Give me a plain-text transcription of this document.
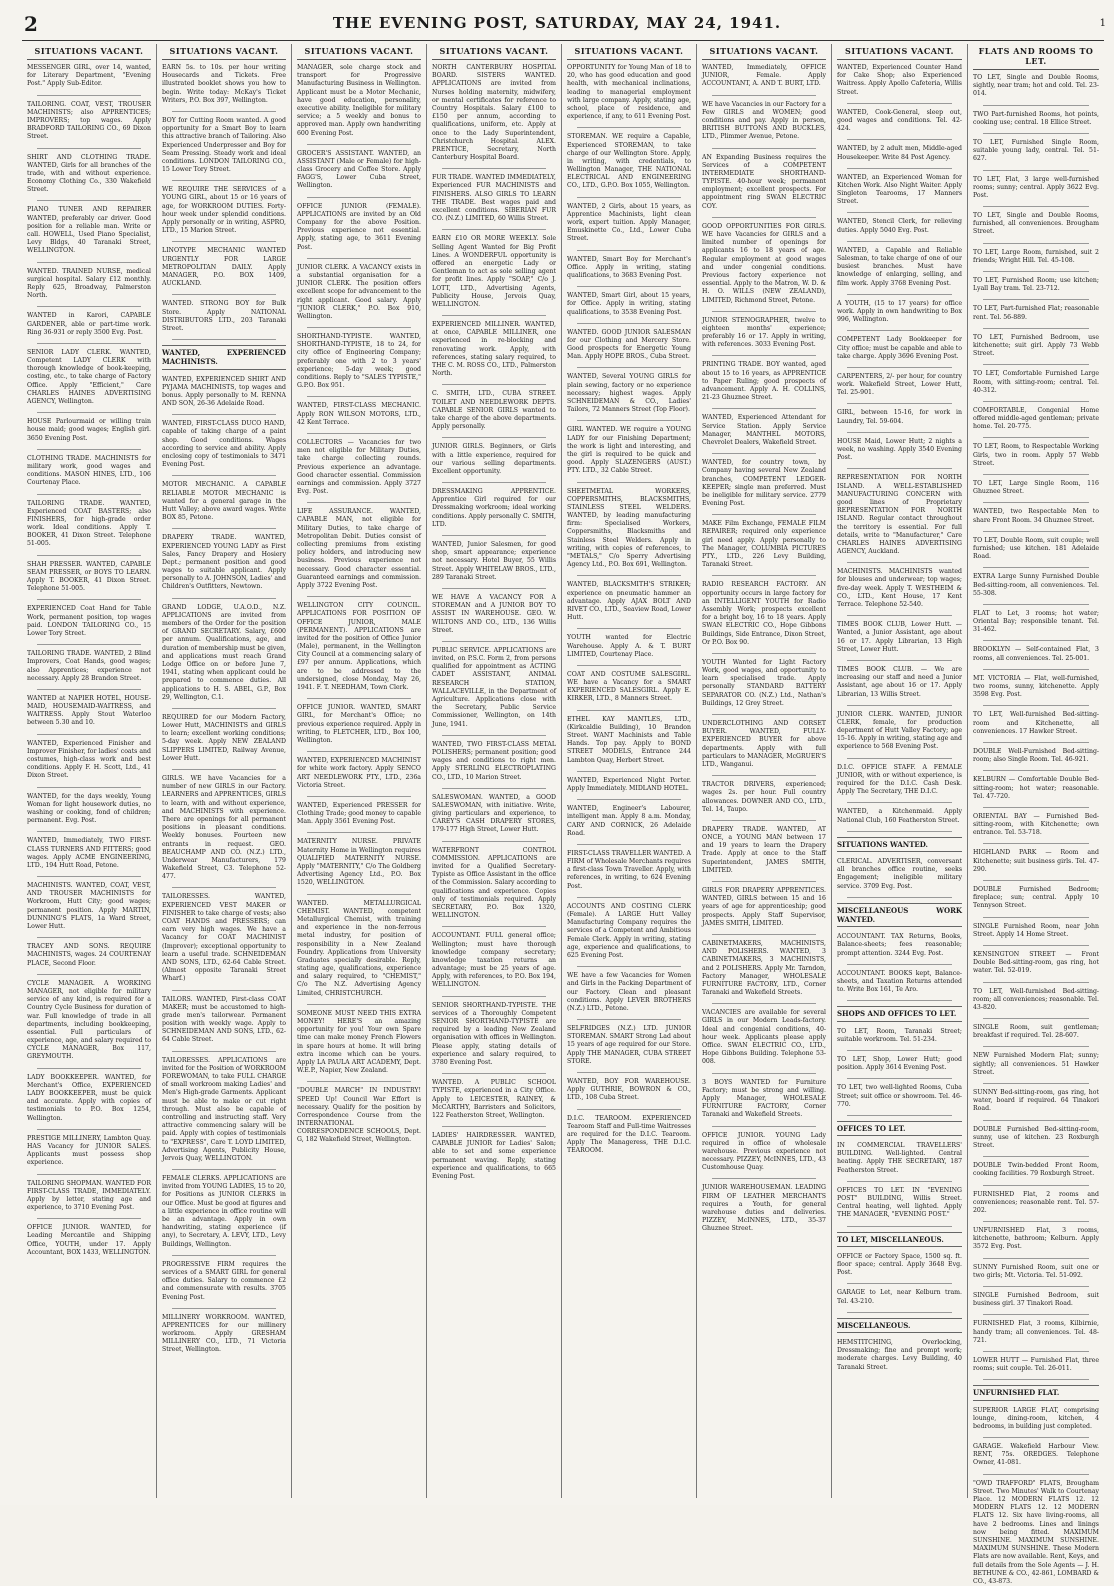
2	THE EVENING POST, SATURDAY, MAY 24, 1941.	1
SITUATIONS VACANT.
MESSENGER GIRL, over 14, wanted, for Literary Department, "Evening Post." Apply Sub-Editor.
TAILORING. COAT, VEST, TROUSER MACHINISTS; also APPRENTICES; IMPROVERS; top wages. Apply BRADFORD TAILORING CO., 69 Dixon Street.
SHIRT AND CLOTHING TRADE. WANTED, Girls for all branches of the trade, with and without experience. Economy Clothing Co., 330 Wakefield Street.
PIANO TUNER AND REPAIRER WANTED, preferably car driver. Good position for a reliable man. Write or call. HOWELL, Used Piano Specialist, Levy Bldgs, 40 Taranaki Street, WELLINGTON.
WANTED. TRAINED NURSE, medical surgical hospital. Salary £12 monthly. Reply 625, Broadway, Palmerston North.
WANTED in Karori, CAPABLE GARDENER, able or part-time work. Ring 36-931 or reply 3500 Evg. Post.
SENIOR LADY CLERK. WANTED, Competent LADY CLERK with thorough knowledge of book-keeping, costing, etc., to take charge of Factory Office. Apply "Efficient," Care CHARLES HAINES ADVERTISING AGENCY, Wellington.
HOUSE Parlourmaid or willing train house maid; good wages; English girl. 3650 Evening Post.
CLOTHING TRADE. MACHINISTS for military work, good wages and conditions. MASON HINES, LTD., 106 Courtenay Place.
TAILORING TRADE. WANTED, Experienced COAT BASTERS; also FINISHERS, for high-grade order work. Ideal conditions. Apply T. BOOKER, 41 Dixon Street. Telephone 51-005.
SHAH PRESSER. WANTED, CAPABLE SEAM PRESSER, or BOYS TO LEARN. Apply T. BOOKER, 41 Dixon Street. Telephone 51-005.
EXPERIENCED Coat Hand for Table Work, permanent position, top wages paid. LONDON TAILORING CO., 15 Lower Tory Street.
TAILORING TRADE. WANTED, 2 Blind Improvers, Coat Hands, good wages; also Apprentices; experience not necessary. Apply 28 Brandon Street.
WANTED at NAPIER HOTEL, HOUSE-MAID, HOUSEMAID-WAITRESS, and WAITRESS. Apply Stout Waterloo between 5.30 and 10.
WANTED, Experienced Finisher and Improver Finisher, for ladies' coats and costumes, high-class work and best conditions. Apply F. H. Scott, Ltd., 41 Dixon Street.
WANTED, for the days weekly, Young Woman for light housework duties, no washing or cooking, fond of children; permanent. Evg. Post.
WANTED, Immediately, TWO FIRST-CLASS TURNERS AND FITTERS; good wages. Apply ACME ENGINEERING, LTD., 194 Hutt Road, Petone.
MACHINISTS. WANTED, COAT, VEST, AND TROUSER MACHINISTS for Workroom, Hutt City; good wages; permanent position. Apply MARTIN, DUNNING'S FLATS, 1a Ward Street, Lower Hutt.
TRACEY AND SONS. REQUIRE MACHINISTS, wages. 24 COURTENAY PLACE, Second Floor.
CYCLE MANAGER. A WORKING MANAGER, not eligible for military service of any kind, is required for a Country Cycle Business for duration of war. Full knowledge of trade in all departments, including bookkeeping, essential. Full particulars of experience, age, and salary required to CYCLE MANAGER, Box 117, GREYMOUTH.
LADY BOOKKEEPER. WANTED, for Merchant's Office, EXPERIENCED LADY BOOKKEEPER, must be quick and accurate. Apply with copies of testimonials to P.O. Box 1254, Wellington.
PRESTIGE MILLINERY, Lambton Quay. HAS Vacancy for JUNIOR SALES. Applicants must possess shop experience.
TAILORING SHOPMAN. WANTED FOR FIRST-CLASS TRADE, IMMEDIATELY. Apply by letter, stating age and experience, to 3710 Evening Post.
OFFICE JUNIOR. WANTED, for Leading Mercantile and Shipping Office, YOUTH, under 17. Apply Accountant, BOX 1433, WELLINGTON.
SITUATIONS VACANT.
EARN 5s. to 10s. per hour writing Housecards and Tickets. Free illustrated booklet shows you how to begin. Write today: McKay's Ticket Writers, P.O. Box 397, Wellington.
BOY for Cutting Room wanted. A good opportunity for a Smart Boy to learn this attractive branch of Tailoring. Also Experienced Underpresser and Boy for Seam Pressing. Steady work and ideal conditions. LONDON TAILORING CO., 15 Lower Tory Street.
WE REQUIRE THE SERVICES of a YOUNG GIRL, about 15 or 16 years of age, for WORKROOM DUTIES. Forty-hour week under splendid conditions. Apply personally or in writing, ASPRO, LTD., 15 Marion Street.
LINOTYPE MECHANIC WANTED URGENTLY FOR LARGE METROPOLITAN DAILY. Apply MANAGER, P.O. BOX 1409, AUCKLAND.
WANTED. STRONG BOY for Bulk Store. Apply NATIONAL DISTRIBUTORS LTD., 203 Taranaki Street.
WANTED, EXPERIENCED MACHINISTS.
WANTED, EXPERIENCED SHIRT AND PYJAMA MACHINISTS, top wages and bonus. Apply personally to M. RENNA AND SON, 26-36 Adelaide Road.
WANTED, FIRST-CLASS DUCO HAND, capable of taking charge of a paint shop. Good conditions. Wages according to service and ability. Apply enclosing copy of testimonials to 3471 Evening Post.
MOTOR MECHANIC. A CAPABLE RELIABLE MOTOR MECHANIC is wanted for a general garage in the Hutt Valley; above award wages. Write BOX 85, Petone.
DRAPERY TRADE. WANTED, EXPERIENCED YOUNG LADY as First Sales, Fancy Drapery and Hosiery Dept.; permanent position and good wages to suitable applicant. Apply personally to A. JOHNSON, Ladies' and Children's Outfitters, Newtown.
GRAND LODGE, U.A.O.D., N.Z. APPLICATIONS are invited from members of the Order for the position of GRAND SECRETARY. Salary, £600 per annum. Qualifications, age, and duration of membership must be given, and applications must reach Grand Lodge Office on or before June 7, 1941, stating when applicant could be prepared to commence duties. All applications to H. S. ABEL, G.P., Box 29, Wellington, C.1.
REQUIRED for our Modern Factory, Lower Hutt, MACHINISTS and GIRLS to learn; excellent working conditions; 5-day week. Apply NEW ZEALAND SLIPPERS LIMITED, Railway Avenue, Lower Hutt.
GIRLS. WE have Vacancies for a number of new GIRLS in our Factory. LEARNERS and APPRENTICES, GIRLS to learn, with and without experience, and MACHINISTS with experience. There are openings for all permanent positions in pleasant conditions. Weekly bonuses. Fourteen new entrants in request. GEO. BEAUCHAMP AND CO. (N.Z.) LTD., Underwear Manufacturers, 179 Wakefield Street, C3. Telephone 52-477.
TAILORESSES. WANTED, EXPERIENCED VEST MAKER or FINISHER to take charge of vests; also COAT HANDS and PRESSERS; can earn very high wages. We have a Vacancy for COAT MACHINIST (Improver); exceptional opportunity to learn a useful trade. SCHNEIDEMAN AND SONS, LTD., 62-64 Cable Street. (Almost opposite Taranaki Street Wharf.)
TAILORS. WANTED, First-class COAT MAKER; must be accustomed to high-grade men's tailorwear. Permanent position with weekly wage. Apply to SCHNEIDEMAN AND SONS, LTD., 62-64 Cable Street.
TAILORESSES. APPLICATIONS are invited for the Position of WORKROOM FOREWOMAN, to take FULL CHARGE of small workroom making Ladies' and Men's High-grade Garments. Applicant must be able to make or cut right through. Must also be capable of controlling and instructing staff. Very attractive commencing salary will be paid. Apply with copies of testimonials to "EXPRESS", Care T. LOYD LIMITED, Advertising Agents, Publicity House, Jervois Quay, WELLINGTON.
FEMALE CLERKS. APPLICATIONS are invited from YOUNG LADIES, 15 to 20, for Positions as JUNIOR CLERKS in our Office. Must be good at figures and a little experience in office routine will be an advantage. Apply in own handwriting, stating experience (if any), to Secretary, A. LEVY, LTD., Levy Buildings, Wellington.
PROGRESSIVE FIRM requires the services of a SMART GIRL for general office duties. Salary to commence £2 and commensurate with results. 3705 Evening Post.
MILLINERY WORKROOM. WANTED, APPRENTICES for our millinery workroom. Apply GRESHAM MILLINERY CO., LTD., 71 Victoria Street, Wellington.
SITUATIONS VACANT.
MANAGER, sole charge stock and transport for Progressive Manufacturing Business in Wellington. Applicant must be a Motor Mechanic, have good education, personality, executive ability. Ineligible for military service; a 5 weekly and bonus to approved man. Apply own handwriting 600 Evening Post.
GROCER'S ASSISTANT. WANTED, an ASSISTANT (Male or Female) for high-class Grocery and Coffee Store. Apply FAGG'S, Lower Cuba Street, Wellington.
OFFICE JUNIOR (FEMALE). APPLICATIONS are invited by an Old Company for the above Position. Previous experience not essential. Apply, stating age, to 3611 Evening Post.
JUNIOR CLERK. A VACANCY exists in a substantial organisation for a JUNIOR CLERK. The position offers excellent scope for advancement to the right applicant. Good salary. Apply "JUNIOR CLERK," P.O. Box 910, Wellington.
SHORTHAND-TYPISTE. WANTED, SHORTHAND-TYPISTE, 18 to 24, for city office of Engineering Company; preferably one with 2 to 3 years' experience; 5-day week; good conditions. Reply to "SALES TYPISTE," G.P.O. Box 951.
WANTED, FIRST-CLASS MECHANIC. Apply RON WILSON MOTORS, LTD., 42 Kent Terrace.
COLLECTORS — Vacancies for two men not eligible for Military Duties, take charge collecting rounds. Previous experience an advantage. Good character essential. Commission earnings and commission. Apply 3727 Evg. Post.
LIFE ASSURANCE. WANTED, CAPABLE MAN, not eligible for Military Duties, to take charge of Metropolitan Debit. Duties consist of collecting premiums from existing policy holders, and introducing new business. Previous experience not necessary. Good character essential. Guaranteed earnings and commission. Apply 3722 Evening Post.
WELLINGTON CITY COUNCIL. APPLICATIONS FOR POSITION OF OFFICE JUNIOR, MALE (PERMANENT). APPLICATIONS are invited for the position of Office Junior (Male), permanent, in the Wellington City Council at a commencing salary of £97 per annum. Applications, which are to be addressed to the undersigned, close Monday, May 26, 1941. F. T. NEEDHAM, Town Clerk.
OFFICE JUNIOR. WANTED, SMART GIRL, for Merchant's Office; no previous experience required. Apply in writing, to FLETCHER, LTD., Box 100, Wellington.
WANTED, EXPERIENCED MACHINIST for white work factory. Apply SENCO ART NEEDLEWORK PTY., LTD., 236a Victoria Street.
WANTED, Experienced PRESSER for Clothing Trade; good money to capable Man. Apply 3561 Evening Post.
MATERNITY NURSE. PRIVATE Maternity Home in Wellington requires QUALIFIED MATERNITY NURSE. Apply "MATERNITY," C/o The Goldberg Advertising Agency Ltd., P.O. Box 1520, WELLINGTON.
WANTED. METALLURGICAL CHEMIST. WANTED, competent Metallurgical Chemist, with training and experience in the non-ferrous metal industry, for position of responsibility in a New Zealand Foundry. Applications from University Graduates specially desirable. Reply, stating age, qualifications, experience and salary required, to "CHEMIST," C/o The N.Z. Advertising Agency Limited, CHRISTCHURCH.
SOMEONE MUST NEED THIS EXTRA MONEY! HERE'S an amazing opportunity for you! Your own Spare time can make money French Flowers in spare hours at home. It will bring extra income which can be yours. Apply LA PAULA ART ACADEMY, Dept. W.E.P., Napier, New Zealand.
"DOUBLE MARCH" IN INDUSTRY! SPEED Up! Council War Effort is necessary. Qualify for the position by Correspondence Course from the INTERNATIONAL CORRESPONDENCE SCHOOLS, Dept. G, 182 Wakefield Street, Wellington.
SITUATIONS VACANT.
NORTH CANTERBURY HOSPITAL BOARD. SISTERS WANTED. APPLICATIONS are invited from Nurses holding maternity, midwifery, or mental certificates for reference to Country Hospitals. Salary £100 to £150 per annum, according to qualifications, uniform, etc. Apply at once to the Lady Superintendent, Christchurch Hospital. ALEX. PRENTICE, Secretary, North Canterbury Hospital Board.
FUR TRADE. WANTED IMMEDIATELY, Experienced FUR MACHINISTS and FINISHERS. ALSO GIRLS TO LEARN THE TRADE. Best wages paid and excellent conditions. SIBERIAN FUR CO. (N.Z.) LIMITED, 60 Willis Street.
EARN £10 OR MORE WEEKLY. Sole Selling Agent Wanted for Big Profit Lines. A WONDERFUL opportunity is offered an energetic Lady or Gentleman to act as sole selling agent for profit lines. Apply "SOAP," C/o J. LOTT, LTD., Advertising Agents, Publicity House, Jervois Quay, WELLINGTON.
EXPERIENCED MILLINER. WANTED, at once, CAPABLE MILLINER, one experienced in re-blocking and renovating work. Apply, with references, stating salary required, to THE C. M. ROSS CO., LTD., Palmerston North.
C. SMITH, LTD., CUBA STREET. TOILET AND NEEDLEWORK DEPTS. CAPABLE SENIOR GIRLS wanted to take charge of the above departments. Apply personally.
JUNIOR GIRLS. Beginners, or Girls with a little experience, required for our various selling departments. Excellent opportunity.
DRESSMAKING APPRENTICE. Apprentice Girl required for our Dressmaking workroom; ideal working conditions. Apply personally C. SMITH, LTD.
WANTED, Junior Salesmen, for good shop, smart appearance; experience not necessary. Hotel Buyer, 55 Willis Street. Apply WHITELAW BROS., LTD., 289 Taranaki Street.
WE HAVE A VACANCY FOR A STOREMAN and A JUNIOR BOY TO ASSIST IN WAREHOUSE. GEO. W. WILTONS AND CO., LTD., 136 Willis Street.
PUBLIC SERVICE. APPLICATIONS are invited, on P.S.C. Form 2, from persons qualified for appointment as ACTING CADET ASSISTANT, ANIMAL RESEARCH STATION, WALLACEVILLE, in the Department of Agriculture. Applications close with the Secretary, Public Service Commissioner, Wellington, on 14th June, 1941.
WANTED, TWO FIRST-CLASS METAL POLISHERS; permanent position; good wages and conditions to right men. Apply STERLING ELECTROPLATING CO., LTD., 10 Marion Street.
SALESWOMAN. WANTED, a GOOD SALESWOMAN, with initiative. Write, giving particulars and experience, to CAREY'S CASH DRAPERY STORES, 179-177 High Street, Lower Hutt.
WATERFRONT CONTROL COMMISSION. APPLICATIONS are invited for a Qualified Secretary-Typiste as Office Assistant in the office of the Commission. Salary according to qualifications and experience. Copies only of testimonials required. Apply SECRETARY, P.O. Box 1320, WELLINGTON.
ACCOUNTANT. FULL general office; Wellington; must have thorough knowledge company secretary; knowledge taxation returns an advantage; must be 25 years of age. Apply, with references, to P.O. Box 194, WELLINGTON.
SENIOR SHORTHAND-TYPISTE. THE services of a Thoroughly Competent SENIOR SHORTHAND-TYPISTE are required by a leading New Zealand organisation with offices in Wellington. Please apply, stating details of experience and salary required, to 3780 Evening Post.
WANTED. A PUBLIC SCHOOL TYPISTE, experienced in a City Office. Apply to LEICESTER, RAINEY, & McCARTHY, Barristers and Solicitors, 122 Featherston Street, Wellington.
LADIES' HAIRDRESSER. WANTED, CAPABLE JUNIOR for Ladies' Salon; able to set and some experience permanent waving. Reply, stating experience and qualifications, to 665 Evening Post.
SITUATIONS VACANT.
OPPORTUNITY for Young Man of 18 to 20, who has good education and good health, with mechanical inclinations, leading to managerial employment with large company. Apply, stating age, school, place of residence, and experience, if any, to 611 Evening Post.
STOREMAN. WE require a Capable, Experienced STOREMAN, to take charge of our Wellington Store. Apply, in writing, with credentials, to Wellington Manager, THE NATIONAL ELECTRICAL AND ENGINEERING CO., LTD., G.P.O. Box 1055, Wellington.
WANTED, 2 Girls, about 15 years, as Apprentice Machinists, light clean work, expert tuition. Apply Manager, Emuskinette Co., Ltd., Lower Cuba Street.
WANTED, Smart Boy for Merchant's Office. Apply in writing, stating qualifications, to 3683 Evening Post.
WANTED, Smart Girl, about 15 years, for Office. Apply in writing, stating qualifications, to 3538 Evening Post.
WANTED. GOOD JUNIOR SALESMAN for our Clothing and Mercery Store. Good prospects for Energetic Young Man. Apply HOPE BROS., Cuba Street.
WANTED, Several YOUNG GIRLS for plain sewing, factory or no experience necessary; highest wages. Apply SCHNEIDEMAN & CO., Ladies' Tailors, 72 Manners Street (Top Floor).
GIRL WANTED. WE require a YOUNG LADY for our Finishing Department; the work is light and interesting, and the girl is required to be quick and good. Apply SLAZENGERS (AUST.) PTY. LTD., 32 Cable Street.
SHEETMETAL WORKERS, COPPERSMITHS, BLACKSMITHS, STAINLESS STEEL WELDERS. WANTED, by leading manufacturing firm: Specialised Workers, Coppersmiths, Blacksmiths and Stainless Steel Welders. Apply in writing, with copies of references, to "METALS," C/o Sperry Advertising Agency Ltd., P.O. Box 691, Wellington.
WANTED, BLACKSMITH'S STRIKER; experience on pneumatic hammer an advantage. Apply AJAX BOLT AND RIVET CO., LTD., Seaview Road, Lower Hutt.
YOUTH wanted for Electric Warehouse. Apply A. & T. BURT LIMITED, Courtenay Place.
COAT AND COSTUME SALESGIRL. WE have a Vacancy for a SMART EXPERIENCED SALESGIRL. Apply E. KIRKER, LTD., 8 Manners Street.
ETHEL KAY MANTLES, LTD., (Kirkcaldie Building), 10 Brandon Street. WANT Machinists and Table Hands. Top pay. Apply to BOND STREET MODELS, Entrance 244 Lambton Quay, Herbert Street.
WANTED, Experienced Night Porter. Apply Immediately. MIDLAND HOTEL.
WANTED, Engineer's Labourer, intelligent man. Apply 8 a.m. Monday, CARY AND CORNICK, 26 Adelaide Road.
FIRST-CLASS TRAVELLER WANTED. A FIRM of Wholesale Merchants requires a first-class Town Traveller. Apply, with references, in writing, to 624 Evening Post.
ACCOUNTS AND COSTING CLERK (Female). A LARGE Hutt Valley Manufacturing Company requires the services of a Competent and Ambitious Female Clerk. Apply in writing, stating age, experience and qualifications, to 625 Evening Post.
WE have a few Vacancies for Women and Girls in the Packing Department of our Factory. Clean and pleasant conditions. Apply LEVER BROTHERS (N.Z.) LTD., Petone.
SELFRIDGES (N.Z.) LTD. JUNIOR STOREMAN. SMART Strong Lad about 15 years of age required for our Store. Apply THE MANAGER, CUBA STREET STORE.
WANTED, BOY FOR WAREHOUSE. Apply GUTHRIE, BOWRON & CO., LTD., 108 Cuba Street.
D.I.C. TEAROOM. EXPERIENCED Tearoom Staff and Full-time Waitresses are required for the D.I.C. Tearoom. Apply The Manageress, THE D.I.C. TEAROOM.
SITUATIONS VACANT.
WANTED, Immediately, OFFICE JUNIOR, Female. Apply ACCOUNTANT, A. AND T. BURT, LTD.
WE have Vacancies in our Factory for a Few GIRLS and WOMEN; good conditions and pay. Apply in person, BRITISH BUTTONS AND BUCKLES, LTD., Plimmer Avenue, Petone.
AN Expanding Business requires the Services of a COMPETENT INTERMEDIATE SHORTHAND-TYPISTE. 40-hour week; permanent employment; excellent prospects. For appointment ring SWAN ELECTRIC COY.
GOOD OPPORTUNITIES FOR GIRLS. WE have Vacancies for GIRLS and a limited number of openings for applicants 16 to 18 years of age. Regular employment at good wages and under congenial conditions. Previous factory experience not essential. Apply to the Matron, W. D. & H. O. WILLS (NEW ZEALAND), LIMITED, Richmond Street, Petone.
JUNIOR STENOGRAPHER, twelve to eighteen months' experience; preferably 16 or 17. Apply in writing, with references. 3033 Evening Post.
PRINTING TRADE. BOY wanted, aged about 15 to 16 years, as APPRENTICE to Paper Ruling; good prospects of advancement. Apply A. H. COLLINS, 21-23 Ghuznee Street.
WANTED, Experienced Attendant for Service Station. Apply Service Manager, MANTHEL MOTORS, Chevrolet Dealers, Wakefield Street.
WANTED, for country town, by Company having several New Zealand branches, COMPETENT LEDGER-KEEPER; single man preferred. Must be ineligible for military service. 2779 Evening Post.
MAKE Film Exchange, FEMALE FILM REPAIRER; required only experience girl need apply. Apply personally to The Manager, COLUMBIA PICTURES PTY., LTD., 226 Levy Building, Taranaki Street.
RADIO RESEARCH FACTORY. AN opportunity occurs in large factory for an INTELLIGENT YOUTH for Radio Assembly Work; prospects excellent for a bright boy, 16 to 18 years. Apply SWAN ELECTRIC CO., Hope Gibbons Buildings, Side Entrance, Dixon Street, Or P.O. Box 90.
YOUTH Wanted for Light Factory Work, good wages, and opportunity to learn specialised trade. Apply personally STANDARD BATTERY SEPARATOR CO. (N.Z.) Ltd., Nathan's Buildings, 12 Grey Street.
UNDERCLOTHING AND CORSET BUYER. WANTED, FULLY-EXPERIENCED BUYER for above departments. Apply with full particulars to MANAGER, McGRUER'S LTD., Wanganui.
TRACTOR DRIVERS, experienced; wages 2s. per hour. Full country allowances. DOWNER AND CO., LTD., Tel. 14, Taupo.
DRAPERY TRADE. WANTED, AT ONCE, a YOUNG MAN between 17 and 19 years to learn the Drapery Trade. Apply at once to the Staff Superintendent, JAMES SMITH, LIMITED.
GIRLS FOR DRAPERY APPRENTICES. WANTED, GIRLS between 15 and 16 years of age for apprenticeship; good prospects. Apply Staff Supervisor, JAMES SMITH, LIMITED.
CABINETMAKERS, MACHINISTS, AND POLISHERS. WANTED, 3 CABINETMAKERS, 3 MACHINISTS, and 2 POLISHERS. Apply Mr. Tarndon, Factory Manager, WHOLESALE FURNITURE FACTORY, LTD., Corner Taranaki and Wakefield Streets.
VACANCIES are available for several GIRLS in our Modern Leads-factory. Ideal and congenial conditions, 40-hour week. Applicants please apply Office. SWAN ELECTRIC CO., LTD., Hope Gibbons Building. Telephone 53-008.
3 BOYS WANTED for Furniture Factory; must be strong and willing. Apply Manager, WHOLESALE FURNITURE FACTORY, Corner Taranaki and Wakefield Streets.
OFFICE JUNIOR. YOUNG Lady required in office of wholesale warehouse. Previous experience not necessary. PIZZEY, McINNES, LTD., 43 Customhouse Quay.
JUNIOR WAREHOUSEMAN. LEADING FIRM OF LEATHER MERCHANTS requires a Youth, for general warehouse duties and deliveries. PIZZEY, McINNES, LTD., 35-37 Ghuznee Street.
SITUATIONS VACANT.
WANTED, Experienced Counter Hand for Cake Shop; also Experienced Waitress. Apply Apollo Cafeteria, Willis Street.
WANTED, Cook-General, sleep out, good wages and conditions. Tel. 42-424.
WANTED, by 2 adult men, Middle-aged Housekeeper. Write 84 Post Agency.
WANTED, an Experienced Woman for Kitchen Work. Also Night Waiter. Apply Singleton Tearooms, 17 Manners Street.
WANTED, Stencil Clerk, for relieving duties. Apply 5040 Evg. Post.
WANTED, a Capable and Reliable Salesman, to take charge of one of our busiest branches. Must have knowledge of enlarging, selling, and film work. Apply 3768 Evening Post.
A YOUTH, (15 to 17 years) for office work. Apply in own handwriting to Box 996, Wellington.
COMPETENT Lady Bookkeeper for City office; must be capable and able to take charge. Apply 3696 Evening Post.
CARPENTERS, 2/- per hour, for country work. Wakefield Street, Lower Hutt, Tel. 25-901.
GIRL, between 15-16, for work in Laundry, Tel. 59-604.
HOUSE Maid, Lower Hutt; 2 nights a week, no washing. Apply 3540 Evening Post.
REPRESENTATION FOR NORTH ISLAND. A WELL-ESTABLISHED MANUFACTURING CONCERN with good lines of Proprietary REPRESENTATION FOR NORTH ISLAND. Regular contact throughout the territory is essential. For full details, write to "Manufacturer," Care CHARLES HAINES ADVERTISING AGENCY, Auckland.
MACHINISTS. MACHINISTS wanted for blouses and underwear; top wages; five-day week. Apply T. WESTHEIM & CO., LTD., Kent House, 17 Kent Terrace. Telephone 52-540.
TIMES BOOK CLUB, Lower Hutt. — Wanted, a Junior Assistant, age about 16 or 17. Apply Librarian, 13 High Street, Lower Hutt.
TIMES BOOK CLUB. — We are increasing our staff and need a Junior Assistant, age about 16 or 17. Apply Librarian, 13 Willis Street.
JUNIOR CLERK. WANTED, JUNIOR CLERK, female, for production department of Hutt Valley Factory; age 15-16. Apply in writing, stating age and experience to 568 Evening Post.
D.I.C. OFFICE STAFF. A FEMALE JUNIOR, with or without experience, is required for the D.I.C. Cash Desk. Apply The Secretary, THE D.I.C.
WANTED, a Kitchenmaid. Apply National Club, 160 Featherston Street.
SITUATIONS WANTED.
CLERICAL. ADVERTISER, conversant all branches office routine, seeks Engagement; ineligible military service. 3709 Evg. Post.
MISCELLANEOUS WORK WANTED.
ACCOUNTANT. TAX Returns, Books, Balance-sheets; fees reasonable; prompt attention. 3244 Evg. Post.
ACCOUNTANT. BOOKS kept, Balance-sheets, and Taxation Returns attended to. Write Box 161, Te Aro.
SHOPS AND OFFICES TO LET.
TO LET, Room, Taranaki Street; suitable workroom. Tel. 51-234.
TO LET, Shop, Lower Hutt; good position. Apply 3614 Evening Post.
TO LET, two well-lighted Rooms, Cuba Street; suit office or showroom. Tel. 46-770.
OFFICES TO LET.
IN COMMERCIAL TRAVELLERS' BUILDING. Well-lighted. Central heating. Apply THE SECRETARY, 187 Featherston Street.
OFFICES TO LET. IN "EVENING POST" BUILDING, Willis Street. Central heating, well lighted. Apply THE MANAGER, "EVENING POST."
TO LET, MISCELLANEOUS.
OFFICE or Factory Space, 1500 sq. ft. floor space; central. Apply 3648 Evg. Post.
GARAGE to Let, near Kelburn tram. Tel. 43-210.
MISCELLANEOUS.
HEMSTITCHING, Overlocking, Dressmaking; fine and prompt work; moderate charges. Levy Building, 40 Taranaki Street.
FLATS AND ROOMS TO LET.
TO LET, Single and Double Rooms, sightly, near tram; hot and cold. Tel. 23-014.
TWO Part-furnished Rooms, hot points, cooking use; central. 18 Ellice Street.
TO LET, Furnished Single Room, suitable young lady, central. Tel. 51-627.
TO LET, Flat, 3 large well-furnished rooms; sunny; central. Apply 3622 Evg. Post.
TO LET, Single and Double Rooms, furnished, all conveniences. Brougham Street.
TO LET, Large Room, furnished, suit 2 friends; Wright Hill. Tel. 45-108.
TO LET, Furnished Room; use kitchen; Lyall Bay tram. Tel. 23-712.
TO LET, Part-furnished Flat; reasonable rent. Tel. 56-889.
TO LET, Furnished Bedroom, use kitchenette; suit girl. Apply 73 Webb Street.
TO LET, Comfortable Furnished Large Room, with sitting-room; central. Tel. 40-312.
COMFORTABLE, Congenial Home offered middle-aged gentleman; private home. Tel. 20-775.
TO LET, Room, to Respectable Working Girls, two in room. Apply 57 Webb Street.
TO LET, Large Single Room, 116 Ghuznee Street.
WANTED, two Respectable Men to share Front Room. 34 Ghuznee Street.
TO LET, Double Room, suit couple; well furnished; use kitchen. 181 Adelaide Road.
EXTRA Large Sunny Furnished Double Bed-sitting-room, all conveniences. Tel. 55-308.
FLAT to Let, 3 rooms; hot water; Oriental Bay; responsible tenant. Tel. 31-462.
BROOKLYN — Self-contained Flat, 3 rooms, all conveniences. Tel. 25-001.
MT. VICTORIA — Flat, well-furnished, two rooms, sunny, kitchenette. Apply 3598 Evg. Post.
TO LET, Well-furnished Bed-sitting-room and Kitchenette, all conveniences. 17 Hawker Street.
DOUBLE Well-Furnished Bed-sitting-room; also Single Room. Tel. 46-921.
KELBURN — Comfortable Double Bed-sitting-room; hot water; reasonable. Tel. 47-720.
ORIENTAL BAY — Furnished Bed-sitting-room, with Kitchenette; own entrance. Tel. 53-718.
HIGHLAND PARK — Room and Kitchenette; suit business girls. Tel. 47-290.
DOUBLE Furnished Bedroom; fireplace; sun; central. Apply 10 Tennyson Street.
SINGLE Furnished Room, near John Street. Apply 14 Home Street.
KENSINGTON STREET — Front Double Bed-sitting-room, gas ring, hot water. Tel. 52-019.
TO LET, Well-furnished Bed-sitting-room; all conveniences; reasonable. Tel. 43-820.
SINGLE Room, suit gentleman; breakfast if required. Tel. 28-607.
NEW Furnished Modern Flat; sunny; sightly; all conveniences. 51 Hawker Street.
SUNNY Bed-sitting-room, gas ring, hot water, board if required. 64 Tinakori Road.
DOUBLE Furnished Bed-sitting-room, sunny, use of kitchen. 23 Roxburgh Street.
DOUBLE Twin-bedded Front Room, cooking facilities. 79 Roxburgh Street.
FURNISHED Flat, 2 rooms and conveniences; reasonable rent. Tel. 57-202.
UNFURNISHED Flat, 3 rooms, kitchenette, bathroom; Kelburn. Apply 3572 Evg. Post.
SUNNY Furnished Room, suit one or two girls; Mt. Victoria. Tel. 51-092.
SINGLE Furnished Bedroom, suit business girl. 37 Tinakori Road.
FURNISHED Flat, 3 rooms, Kilbirnie, handy tram; all conveniences. Tel. 48-721.
LOWER HUTT — Furnished Flat, three rooms; suit couple. Tel. 26-011.
UNFURNISHED FLAT.
SUPERIOR LARGE FLAT, comprising lounge, dining-room, kitchen, 4 bedrooms, in building just completed.
GARAGE. Wakefield Harbour View. RENT, 75s. OREDGES. Telephone Owner, 41-081.
"OWD TRAFFORD" FLATS, Brougham Street. Two Minutes' Walk to Courtenay Place. 12 MODERN FLATS 12. 12 MODERN FLATS 12. 12 MODERN FLATS 12. Six have living-rooms, all have 2 bedrooms. Lines and linings now being fitted. MAXIMUM SUNSHINE. MAXIMUM SUNSHINE. MAXIMUM SUNSHINE. These Modern Flats are now available. Rent, Keys, and full details from the Sole Agents — J. H. BETHUNE & CO., 42-861, LOMBARD & CO., 43-873.
